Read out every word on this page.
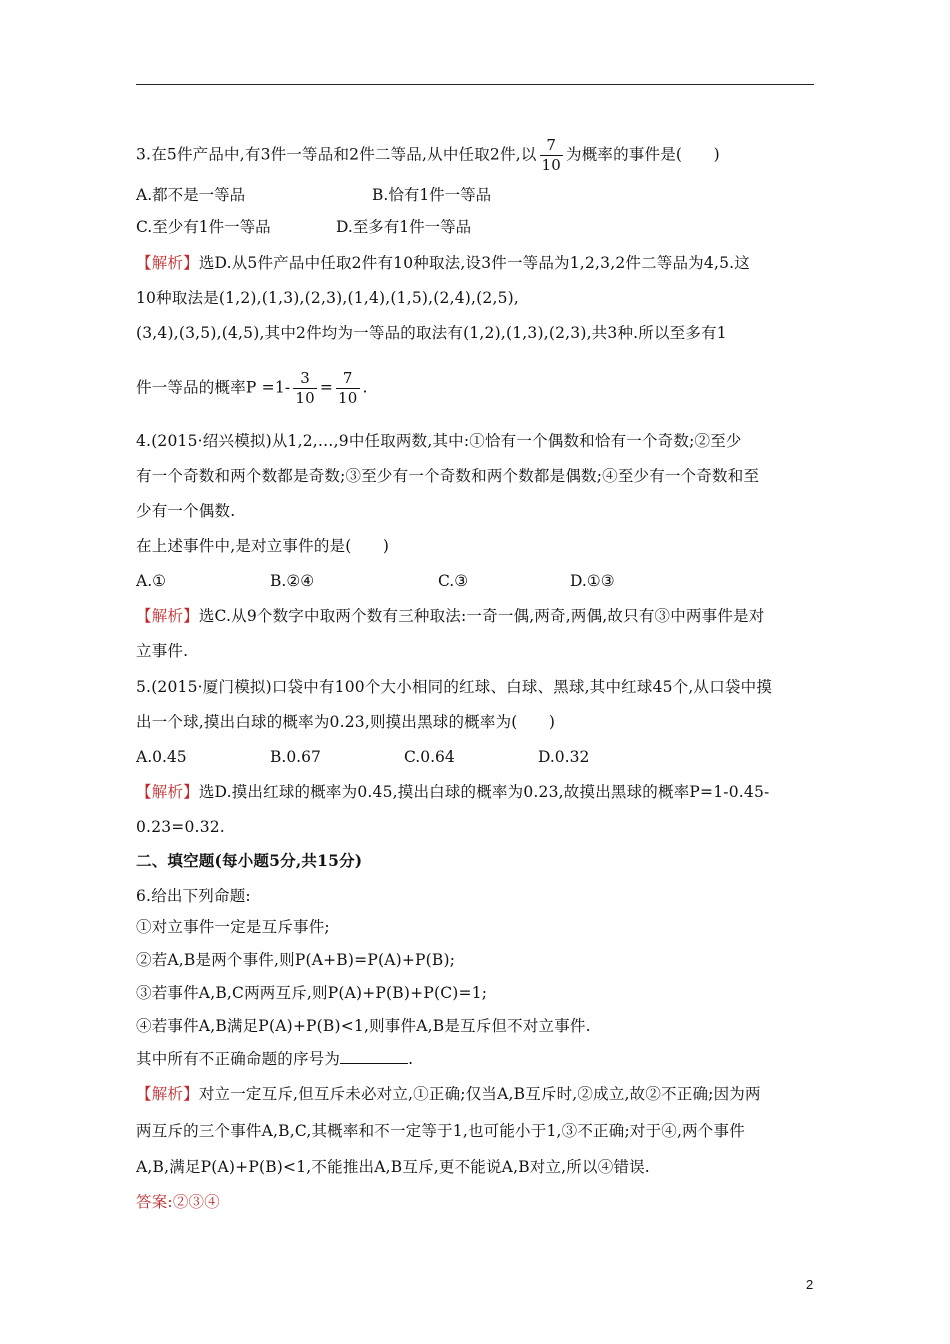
3.在5件产品中,有3件一等品和2件二等品,从中任取2件,以 $\frac{7}{10}$ 为概率的事件是(　　)
A.都不是一等品	B.恰有1件一等品
C.至少有1件一等品	D.至多有1件一等品
【解析】选D.从5件产品中任取2件有10种取法,设3件一等品为1,2,3,2件二等品为4,5.这
10种取法是(1,2),(1,3),(2,3),(1,4),(1,5),(2,4),(2,5),
(3,4),(3,5),(4,5),其中2件均为一等品的取法有(1,2),(1,3),(2,3),共3种.所以至多有1
件一等品的概率$P =1- \frac{3}{10} = \frac{7}{10}$ .
4.(2015·绍兴模拟)从1,2,…,9中任取两数,其中:①恰有一个偶数和恰有一个奇数;②至少
有一个奇数和两个数都是奇数;③至少有一个奇数和两个数都是偶数;④至少有一个奇数和至
少有一个偶数.
在上述事件中,是对立事件的是(　　)
A.①	B.②④	C.③	D.①③
【解析】选C.从9个数字中取两个数有三种取法:一奇一偶,两奇,两偶,故只有③中两事件是对
立事件.
5.(2015·厦门模拟)口袋中有100个大小相同的红球、白球、黑球,其中红球45个,从口袋中摸
出一个球,摸出白球的概率为0.23,则摸出黑球的概率为(　　)
A.0.45	B.0.67	C.0.64	D.0.32
【解析】选D.摸出红球的概率为0.45,摸出白球的概率为0.23,故摸出黑球的概率P=1-0.45-
0.23=0.32.
二、填空题(每小题5分,共15分)
6.给出下列命题:
①对立事件一定是互斥事件;
②若A,B是两个事件,则P(A+B)=P(A)+P(B);
③若事件A,B,C两两互斥,则P(A)+P(B)+P(C)=1;
④若事件A,B满足P(A)+P(B)<1,则事件A,B是互斥但不对立事件.
其中所有不正确命题的序号为	.
【解析】对立一定互斥,但互斥未必对立,①正确;仅当A,B互斥时,②成立,故②不正确;因为两
两互斥的三个事件A,B,C,其概率和不一定等于1,也可能小于1,③不正确;对于④,两个事件
A,B,满足P(A)+P(B)<1,不能推出A,B互斥,更不能说A,B对立,所以④错误.
答案:②③④
2
